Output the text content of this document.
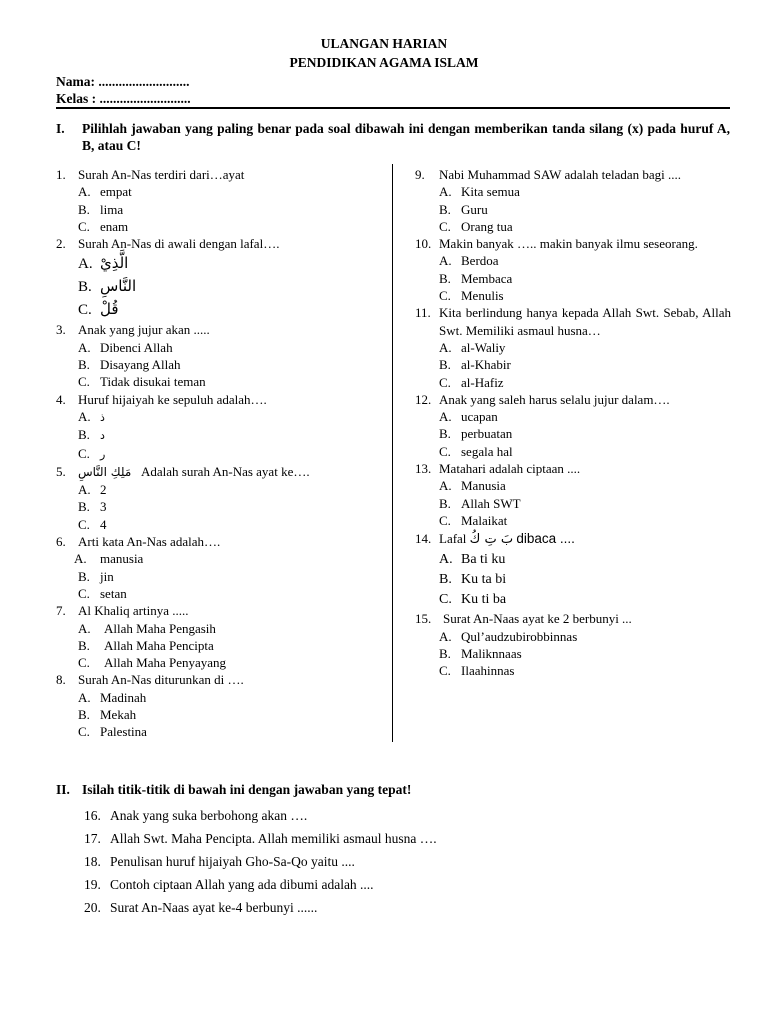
ULANGAN HARIAN
PENDIDIKAN AGAMA ISLAM
Nama: ...........................
Kelas : ...........................
I. Pilihlah jawaban yang paling benar pada soal dibawah ini dengan memberikan tanda silang (x) pada huruf A, B, atau C!
1. Surah An-Nas terdiri dari…ayat
A. empat
B. lima
C. enam
2. Surah An-Nas di awali dengan lafal….
A. الَّذِيْ
B. النَّاسِ
C. قُلْ
3. Anak yang jujur akan .....
A. Dibenci Allah
B. Disayang Allah
C. Tidak disukai teman
4. Huruf hijaiyah ke sepuluh adalah….
A. ذ
B. د
C. ر
5. مَلِكِ النَّاسِ Adalah surah An-Nas ayat ke….
A. 2
B. 3
C. 4
6. Arti kata An-Nas adalah….
A. manusia
B. jin
C. setan
7. Al Khaliq artinya .....
A. Allah Maha Pengasih
B. Allah Maha Pencipta
C. Allah Maha Penyayang
8. Surah An-Nas diturunkan di ….
A. Madinah
B. Mekah
C. Palestina
9. Nabi Muhammad SAW adalah teladan bagi ....
A. Kita semua
B. Guru
C. Orang tua
10. Makin banyak ….. makin banyak ilmu seseorang.
A. Berdoa
B. Membaca
C. Menulis
11. Kita berlindung hanya kepada Allah Swt. Sebab, Allah Swt. Memiliki asmaul husna…
A. al-Waliy
B. al-Khabir
C. al-Hafiz
12. Anak yang saleh harus selalu jujur dalam….
A. ucapan
B. perbuatan
C. segala hal
13. Matahari adalah ciptaan ....
A. Manusia
B. Allah SWT
C. Malaikat
14. Lafal بَ تِ كُ dibaca ....
A. Ba ti ku
B. Ku ta bi
C. Ku ti ba
15. Surat An-Naas ayat ke 2 berbunyi ...
A. Qul’audzubirobbinnas
B. Maliknnaas
C. Ilaahinnas
II. Isilah titik-titik di bawah ini dengan jawaban yang tepat!
16. Anak yang suka berbohong akan ….
17. Allah Swt. Maha Pencipta. Allah memiliki asmaul husna ….
18. Penulisan huruf hijaiyah Gho-Sa-Qo yaitu ....
19. Contoh ciptaan Allah yang ada dibumi adalah ....
20. Surat An-Naas ayat ke-4 berbunyi ......
